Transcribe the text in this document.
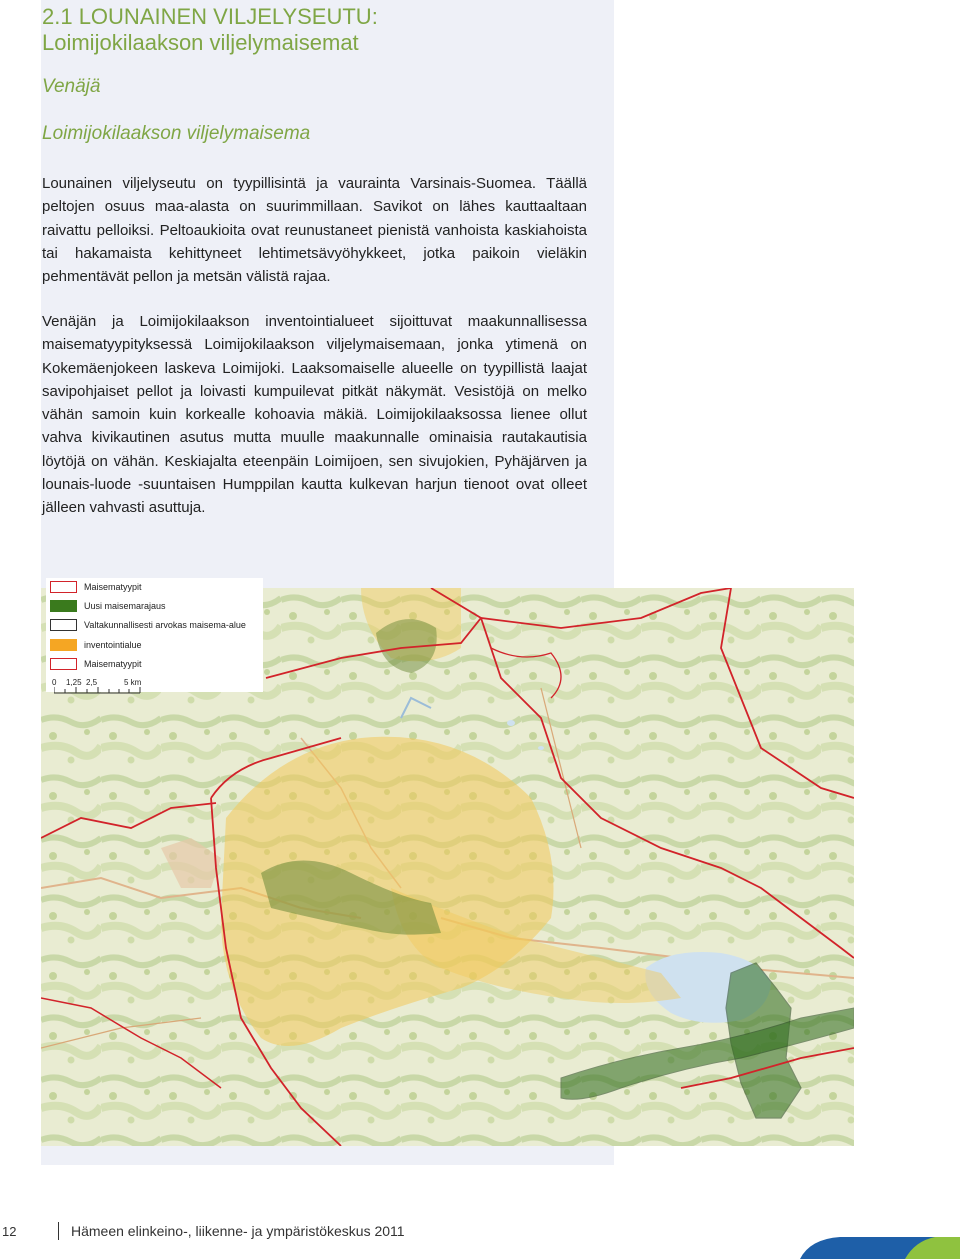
2.1 LOUNAINEN VILJELYSEUTU:
Loimijokilaakson viljelymaisemat
Venäjä
Loimijokilaakson viljelymaisema

Lounainen viljelyseutu on tyypillisintä ja vaurainta Varsinais-Suomea. Täällä peltojen osuus maa-alasta on suurimmillaan. Savikot on lähes kauttaaltaan raivattu pelloiksi. Peltoaukioita ovat reunustaneet pienistä vanhoista kaskiahoista tai hakamaista kehittyneet lehtimetsävyöhykkeet, jotka paikoin vieläkin pehmentävät pellon ja metsän välistä rajaa.

Venäjän ja Loimijokilaakson inventointialueet sijoittuvat maakunnallisessa maisematyypityksessä Loimijokilaakson viljelymaisemaan, jonka ytimenä on Kokemäenjokeen laskeva Loimijoki. Laaksomaiselle alueelle on tyypillistä laajat savipohjaiset pellot ja loivasti kumpuilevat pitkät näkymät. Vesistöjä on melko vähän samoin kuin korkealle kohoavia mäkiä. Loimijokilaaksossa lienee ollut vahva kivikautinen asutus mutta muulle maakunnalle ominaisia rautakautisia löytöjä on vähän. Keskiajalta eteenpäin Loimijoen, sen sivujokien, Pyhäjärven ja lounais-luode -suuntaisen Humppilan kautta kulkevan harjun tienoot ovat olleet jälleen vahvasti asuttuja.

Maisematyypit
Uusi maisemarajaus
Valtakunnallisesti arvokas maisema-alue
inventointialue
Maisematyypit
0 1,25 2,5	5 km
12	Hämeen elinkeino-, liikenne- ja ympäristökeskus 2011
